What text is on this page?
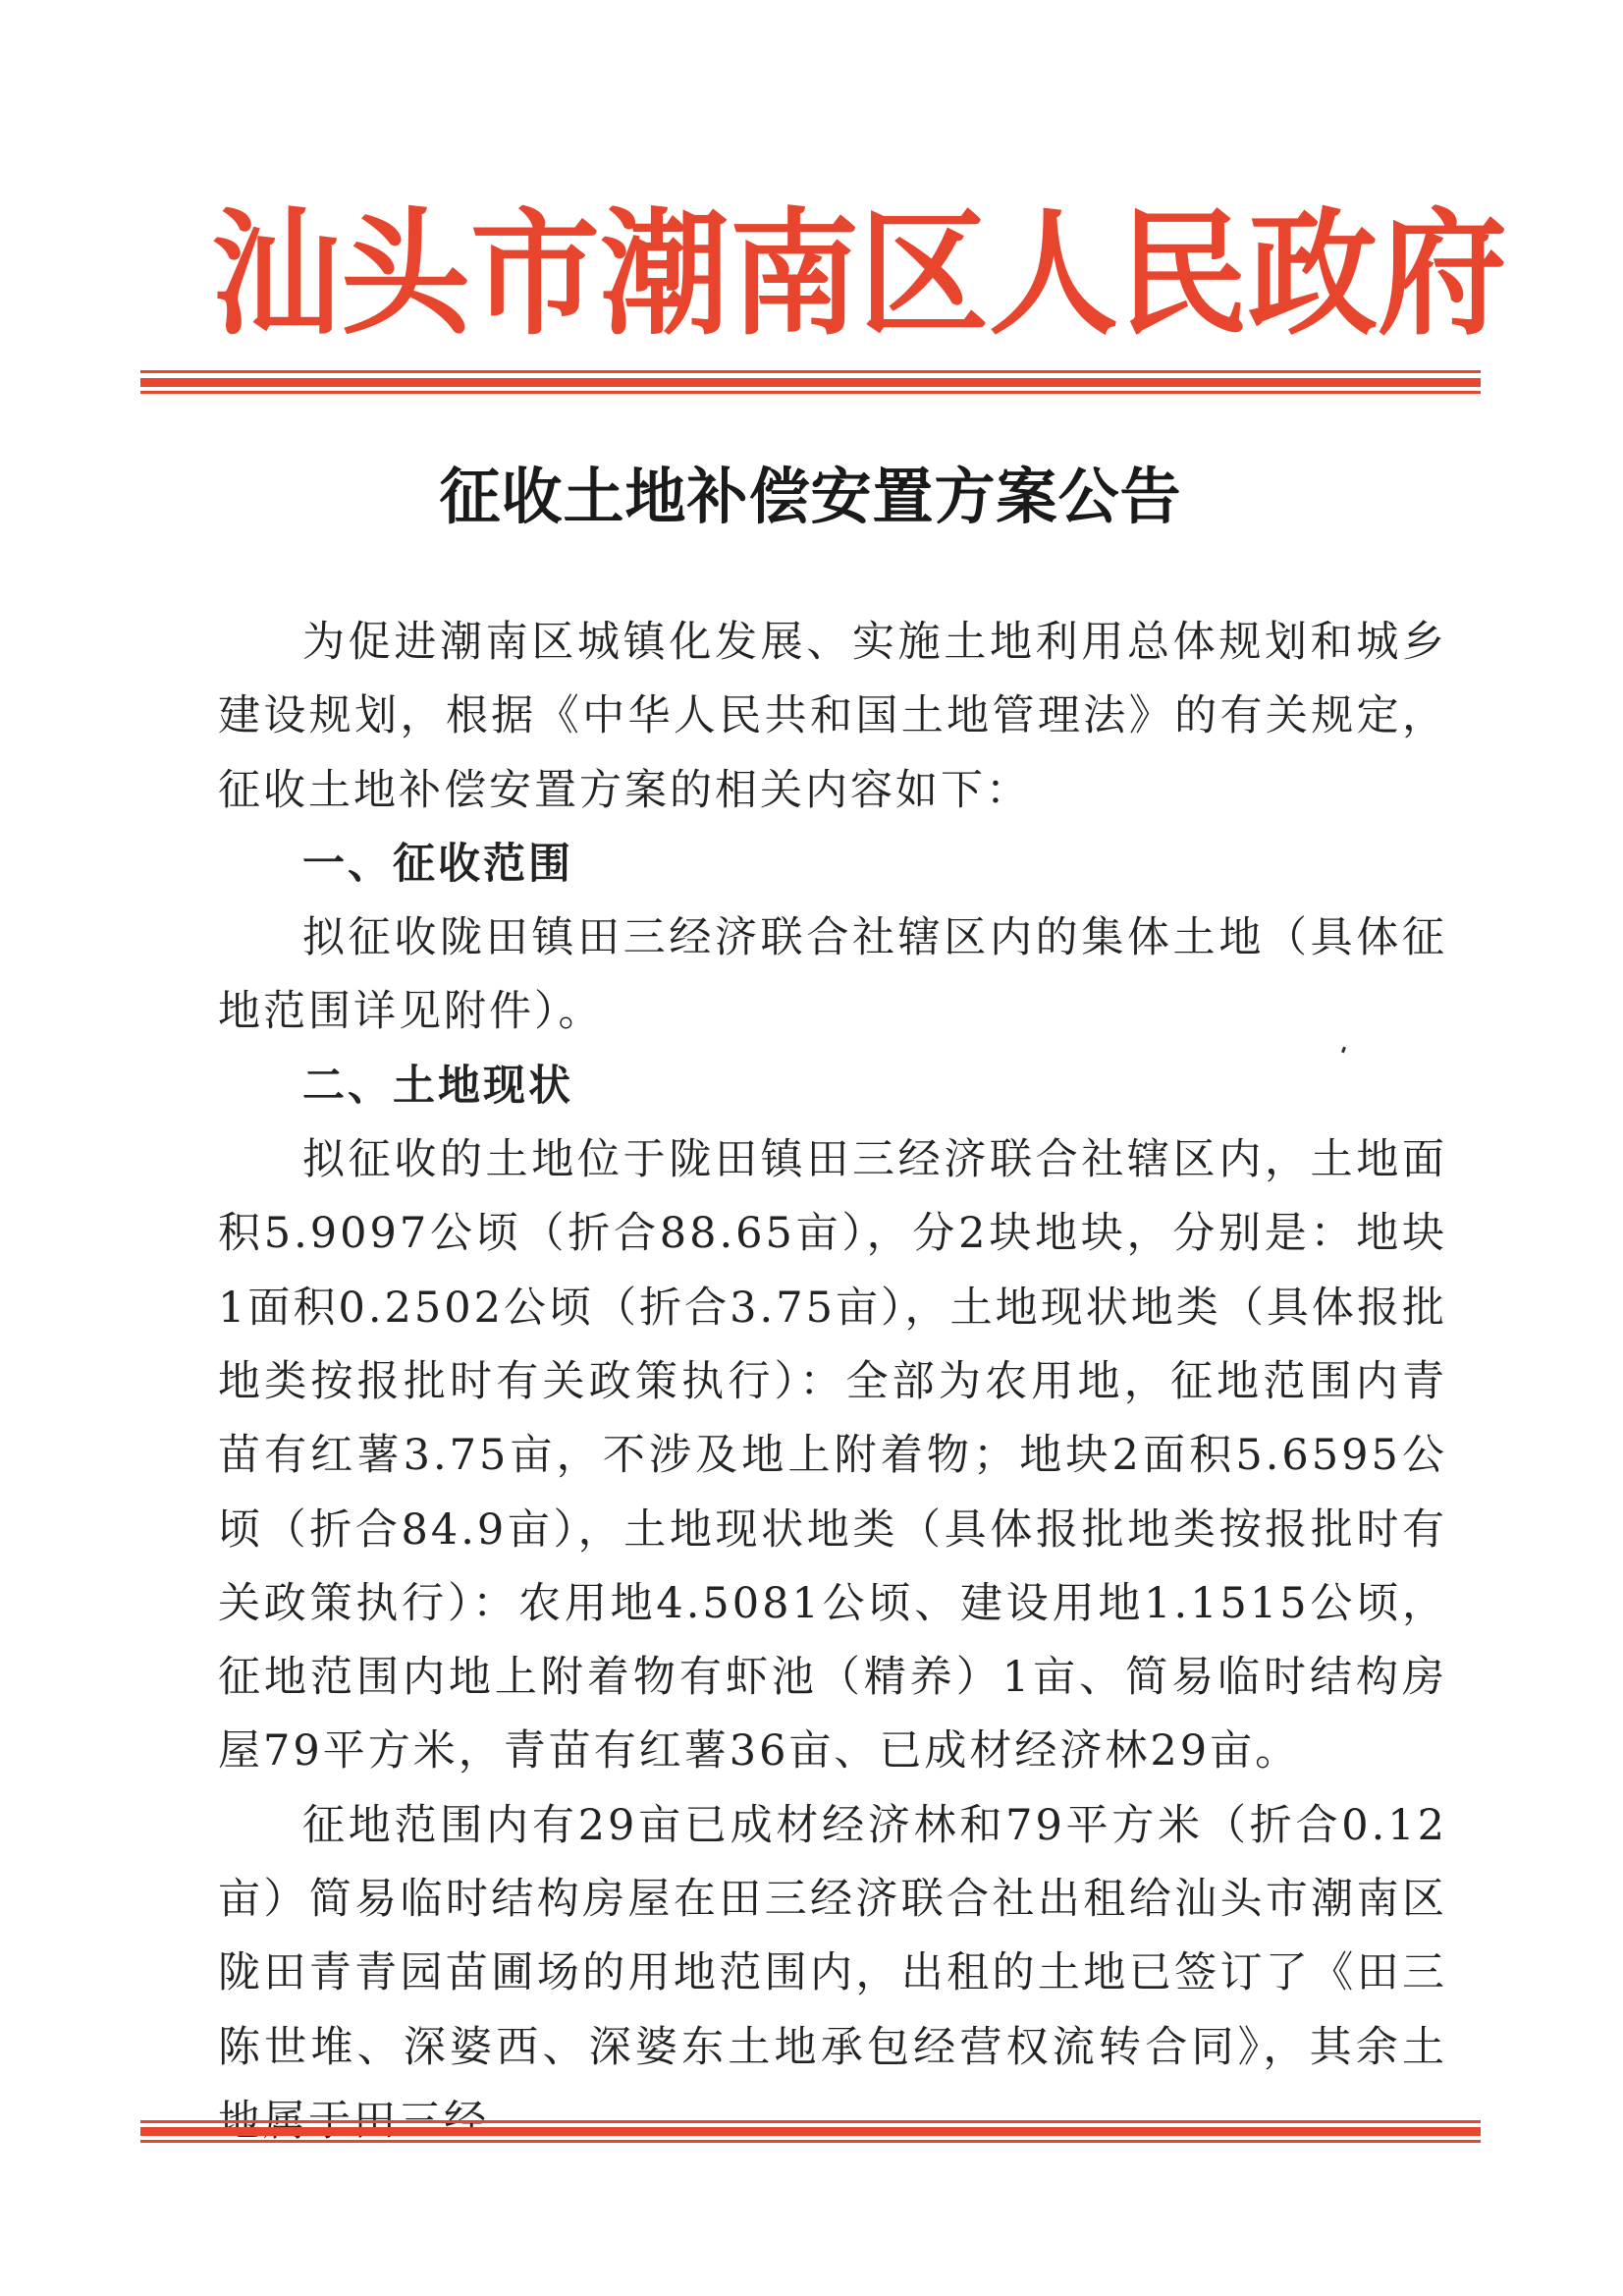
汕 头 市 潮 南 区 人 民 政 府
征收土地补偿安置方案公告

为促进潮南区城镇化发展、实施土地利用总体规划和城乡建设规划，根据《中华人民共和国土地管理法》的有关规定，征收土地补偿安置方案的相关内容如下：

一、征收范围

拟征收陇田镇田三经济联合社辖区内的集体土地（具体征地范围详见附件）。

二、土地现状

拟征收的土地位于陇田镇田三经济联合社辖区内，土地面积5.9097公顷（折合88.65亩），分2块地块，分别是：地块1面积0.2502公顷（折合3.75亩），土地现状地类（具体报批地类按报批时有关政策执行）：全部为农用地，征地范围内青苗有红薯3.75亩，不涉及地上附着物；地块2面积5.6595公顷（折合84.9亩），土地现状地类（具体报批地类按报批时有关政策执行）：农用地4.5081公顷、建设用地1.1515公顷，征地范围内地上附着物有虾池（精养）1亩、简易临时结构房屋79平方米，青苗有红薯36亩、已成材经济林29亩。

征地范围内有29亩已成材经济林和79平方米（折合0.12亩）简易临时结构房屋在田三经济联合社出租给汕头市潮南区陇田青青园苗圃场的用地范围内，出租的土地已签订了《田三陈世堆、深婆西、深婆东土地承包经营权流转合同》，其余土
